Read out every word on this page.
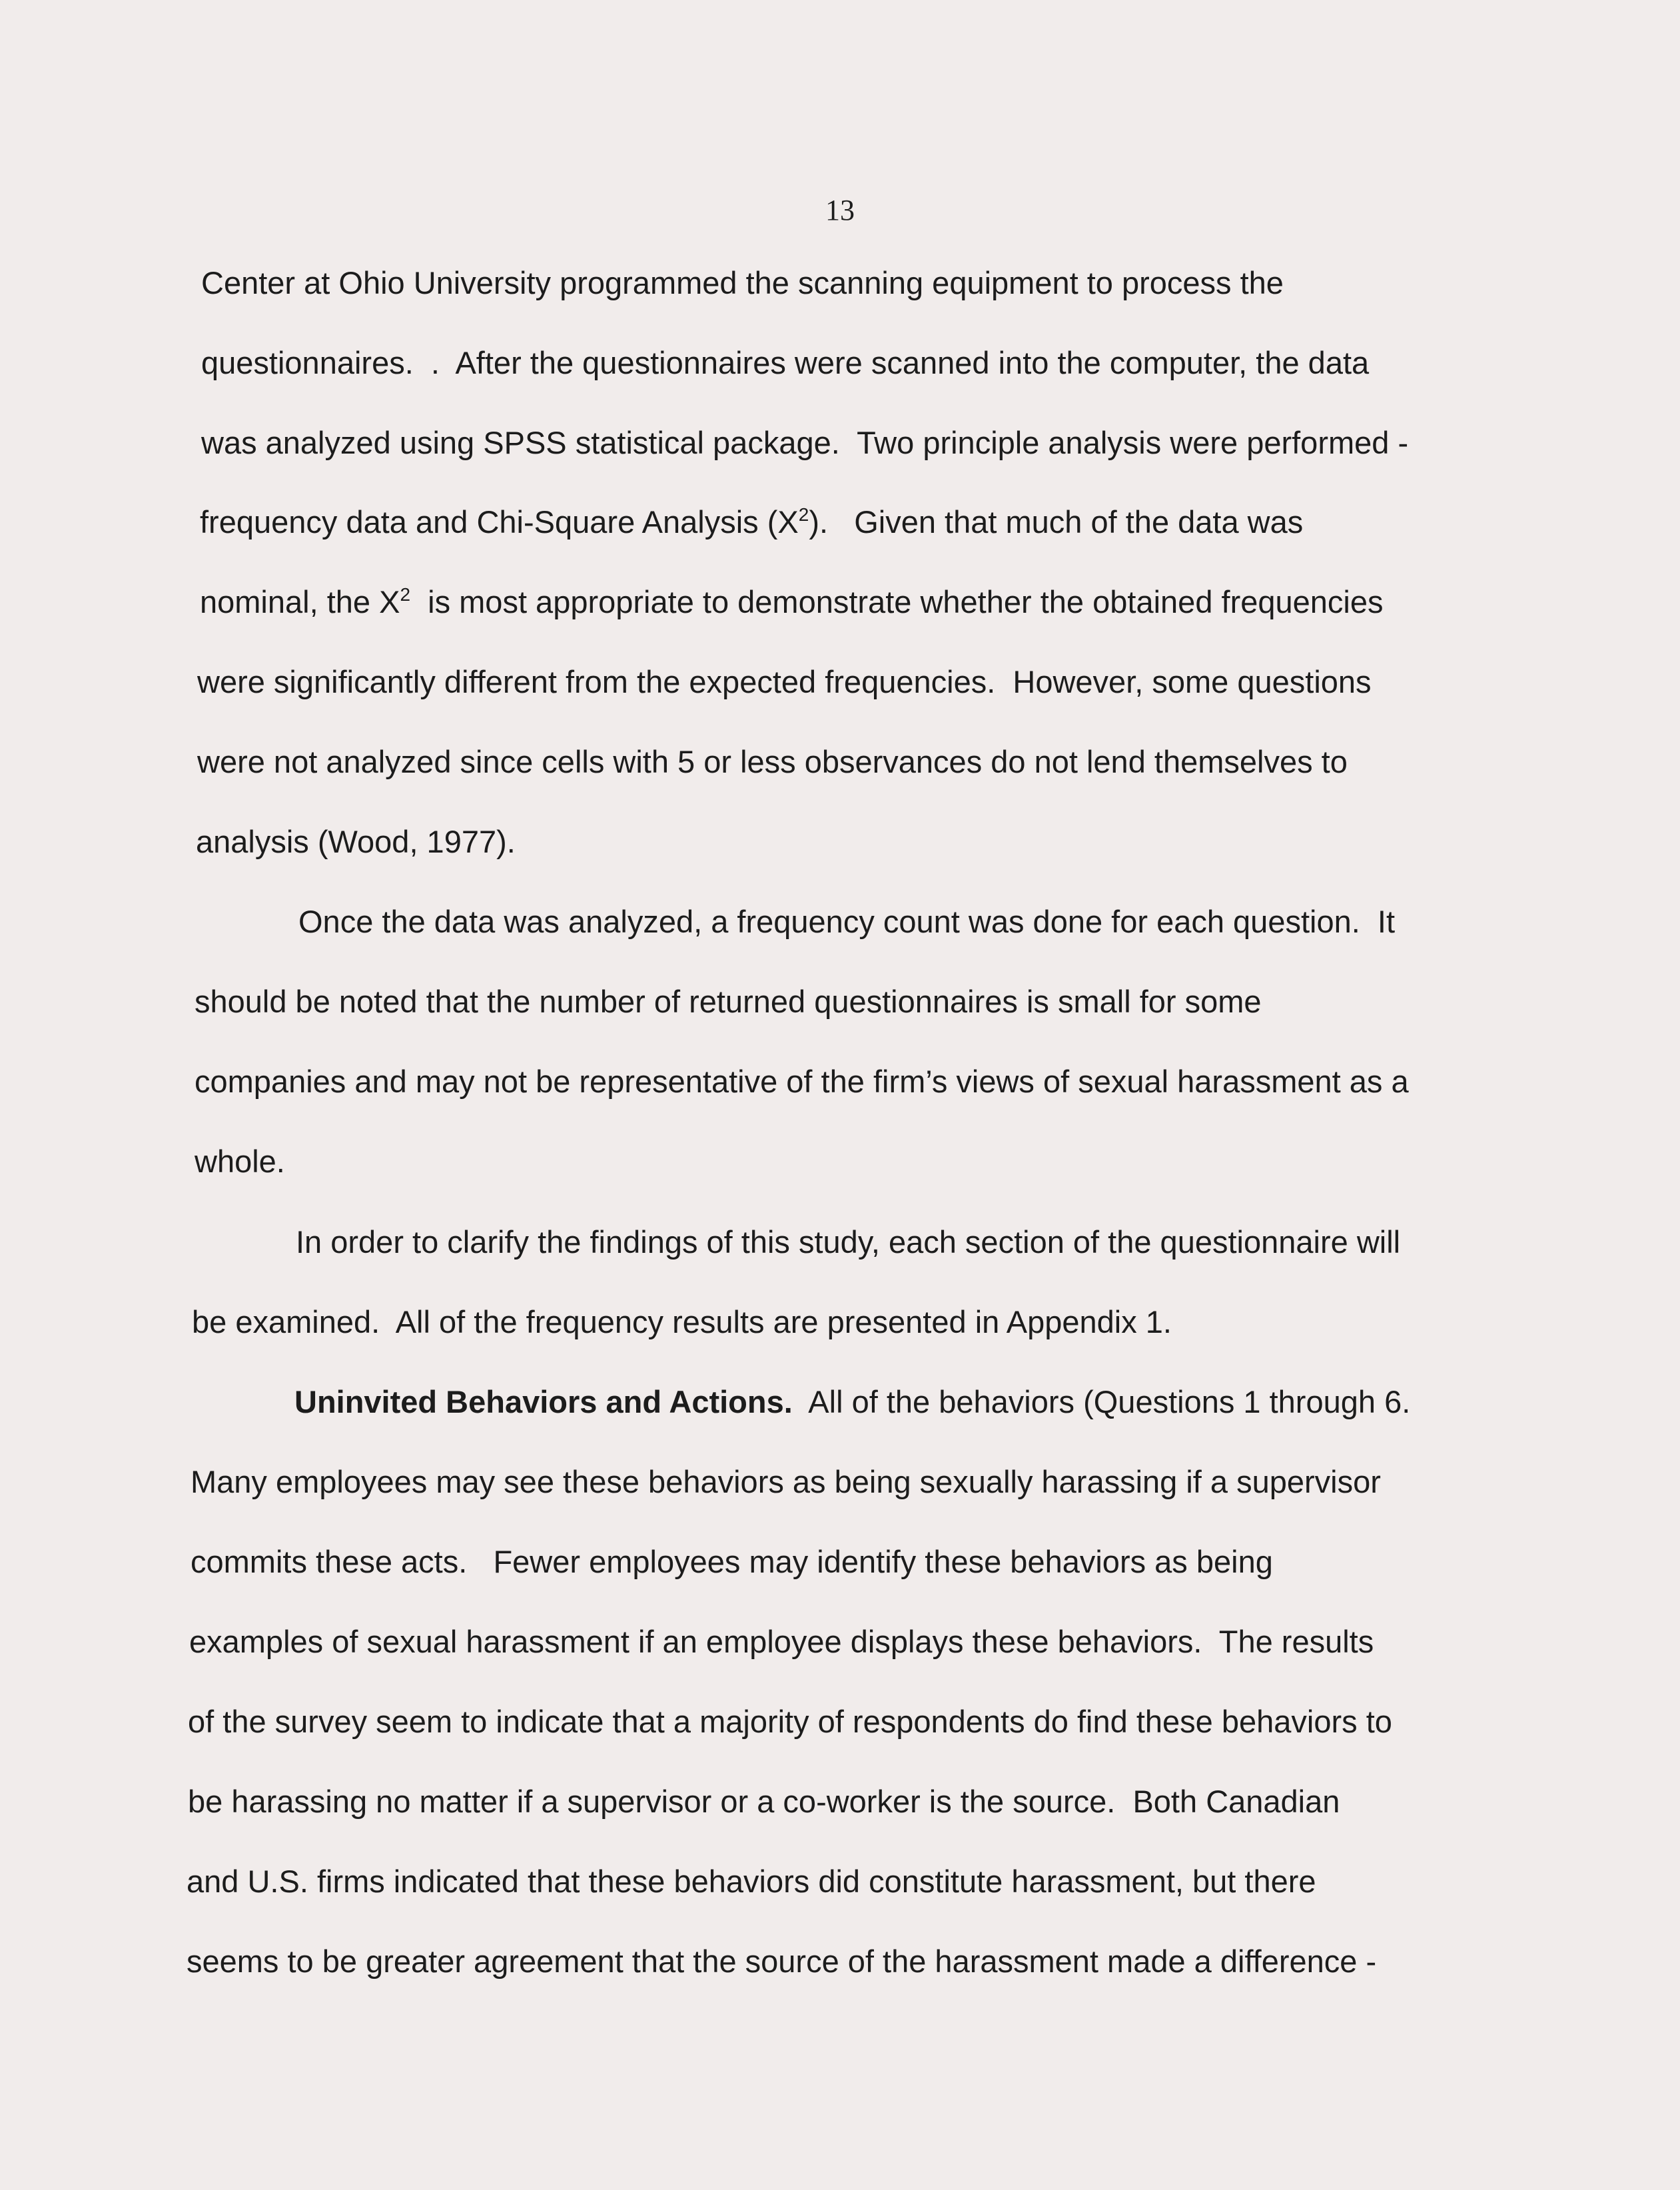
13
Center at Ohio University programmed the scanning equipment to process the
questionnaires.  .  After the questionnaires were scanned into the computer, the data
was analyzed using SPSS statistical package.  Two principle analysis were performed -
frequency data and Chi-Square Analysis $(X^2)$.   Given that much of the data was
nominal, the $X^2$  is most appropriate to demonstrate whether the obtained frequencies
were significantly different from the expected frequencies.  However, some questions
were not analyzed since cells with 5 or less observances do not lend themselves to
analysis (Wood, 1977).
Once the data was analyzed, a frequency count was done for each question.  It
should be noted that the number of returned questionnaires is small for some
companies and may not be representative of the firm’s views of sexual harassment as a
whole.
In order to clarify the findings of this study, each section of the questionnaire will
be examined.  All of the frequency results are presented in Appendix 1.
Uninvited Behaviors and Actions.  All of the behaviors (Questions 1 through 6.
Many employees may see these behaviors as being sexually harassing if a supervisor
commits these acts.   Fewer employees may identify these behaviors as being
examples of sexual harassment if an employee displays these behaviors.  The results
of the survey seem to indicate that a majority of respondents do find these behaviors to
be harassing no matter if a supervisor or a co-worker is the source.  Both Canadian
and U.S. firms indicated that these behaviors did constitute harassment, but there
seems to be greater agreement that the source of the harassment made a difference -
